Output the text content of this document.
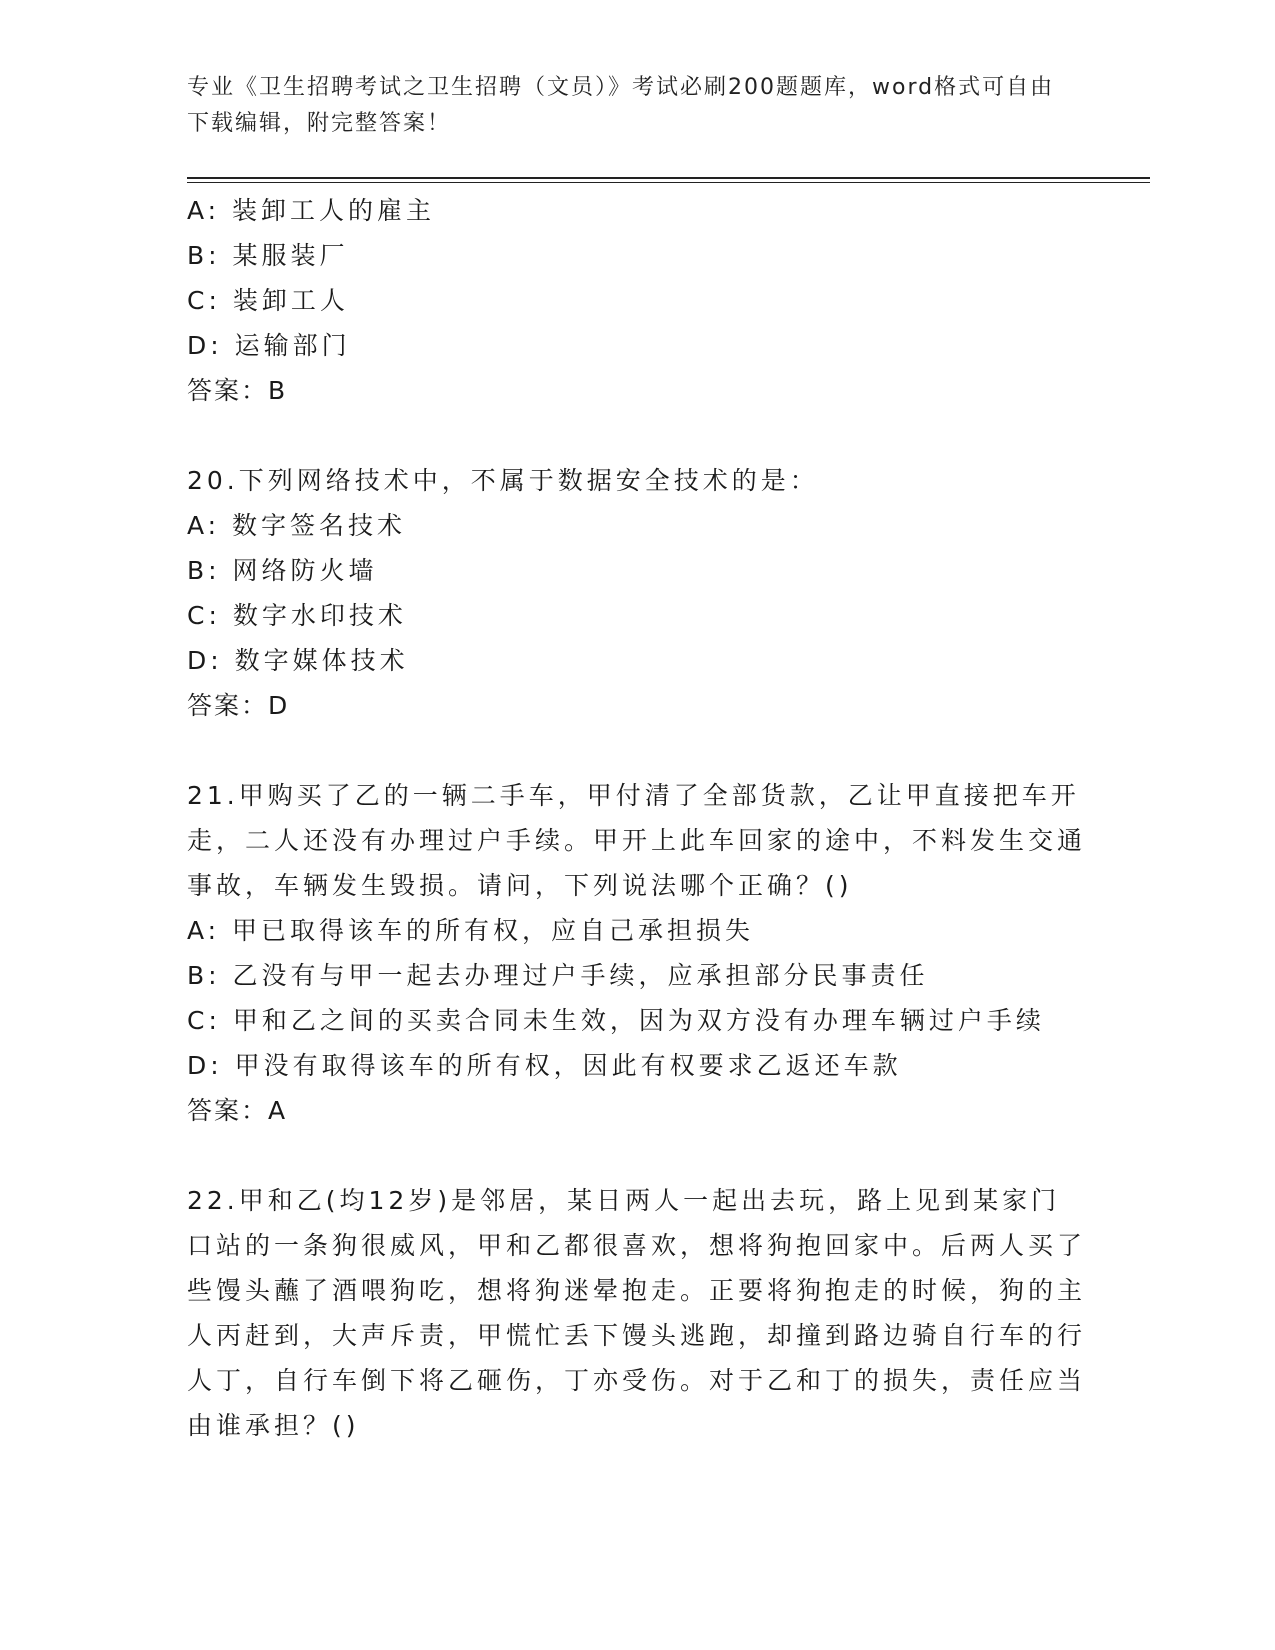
专业《卫生招聘考试之卫生招聘（文员）》考试必刷200题题库，word格式可自由下载编辑，附完整答案！

A: 装卸工人的雇主

B: 某服装厂

C: 装卸工人

D: 运输部门

答案：B

20.下列网络技术中，不属于数据安全技术的是：

A: 数字签名技术

B: 网络防火墙

C: 数字水印技术

D: 数字媒体技术

答案：D

21.甲购买了乙的一辆二手车，甲付清了全部货款，乙让甲直接把车开走，二人还没有办理过户手续。甲开上此车回家的途中，不料发生交通事故，车辆发生毁损。请问，下列说法哪个正确？()

A: 甲已取得该车的所有权，应自己承担损失

B: 乙没有与甲一起去办理过户手续，应承担部分民事责任

C: 甲和乙之间的买卖合同未生效，因为双方没有办理车辆过户手续

D: 甲没有取得该车的所有权，因此有权要求乙返还车款

答案：A

22.甲和乙(均12岁)是邻居，某日两人一起出去玩，路上见到某家门口站的一条狗很威风，甲和乙都很喜欢，想将狗抱回家中。后两人买了些馒头蘸了酒喂狗吃，想将狗迷晕抱走。正要将狗抱走的时候，狗的主人丙赶到，大声斥责，甲慌忙丢下馒头逃跑，却撞到路边骑自行车的行人丁，自行车倒下将乙砸伤，丁亦受伤。对于乙和丁的损失，责任应当由谁承担？()
